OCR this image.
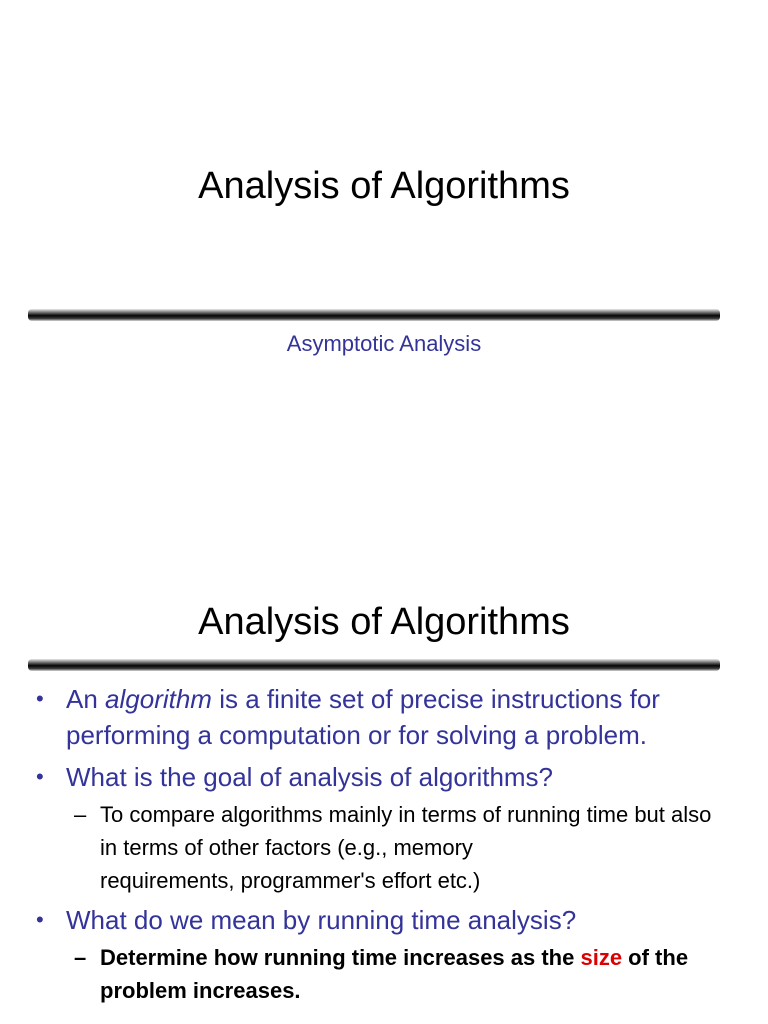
Analysis of Algorithms
Asymptotic Analysis
Analysis of Algorithms
• An algorithm is a finite set of precise instructions for performing a computation or for solving a problem.
• What is the goal of analysis of algorithms?
– To compare algorithms mainly in terms of running time but also in terms of other factors (e.g., memory
requirements, programmer's effort etc.)
• What do we mean by running time analysis?
– Determine how running time increases as the size of the problem increases.
